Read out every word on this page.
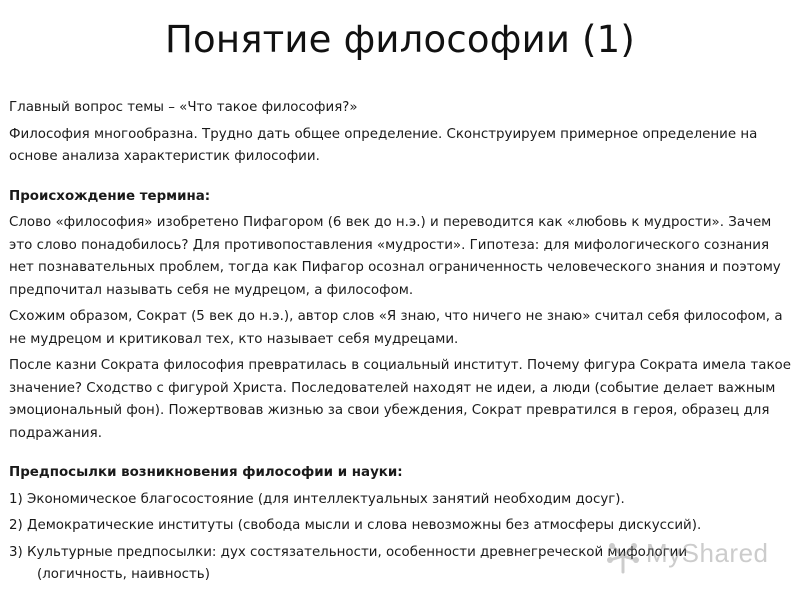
Понятие философии (1)

Главный вопрос темы – «Что такое философия?»

Философия многообразна. Трудно дать общее определение. Сконструируем примерное определение на основе анализа характеристик философии.

Происхождение термина:

Слово «философия» изобретено Пифагором (6 век до н.э.) и переводится как «любовь к мудрости». Зачем это слово понадобилось? Для противопоставления «мудрости». Гипотеза: для мифологического сознания нет познавательных проблем, тогда как Пифагор осознал ограниченность человеческого знания и поэтому предпочитал называть себя не мудрецом, а философом.

Схожим образом, Сократ (5 век до н.э.), автор слов «Я знаю, что ничего не знаю» считал себя философом, а не мудрецом и критиковал тех, кто называет себя мудрецами.

После казни Сократа философия превратилась в социальный институт. Почему фигура Сократа имела такое значение? Сходство с фигурой Христа. Последователей находят не идеи, а люди (событие делает важным эмоциональный фон). Пожертвовав жизнью за свои убеждения, Сократ превратился в героя, образец для подражания.

Предпосылки возникновения философии и науки:

1) Экономическое благосостояние (для интеллектуальных занятий необходим досуг).

2) Демократические институты (свобода мысли и слова невозможны без атмосферы дискуссий).

3) Культурные предпосылки: дух состязательности, особенности древнегреческой мифологии

(логичность, наивность)

MyShared
